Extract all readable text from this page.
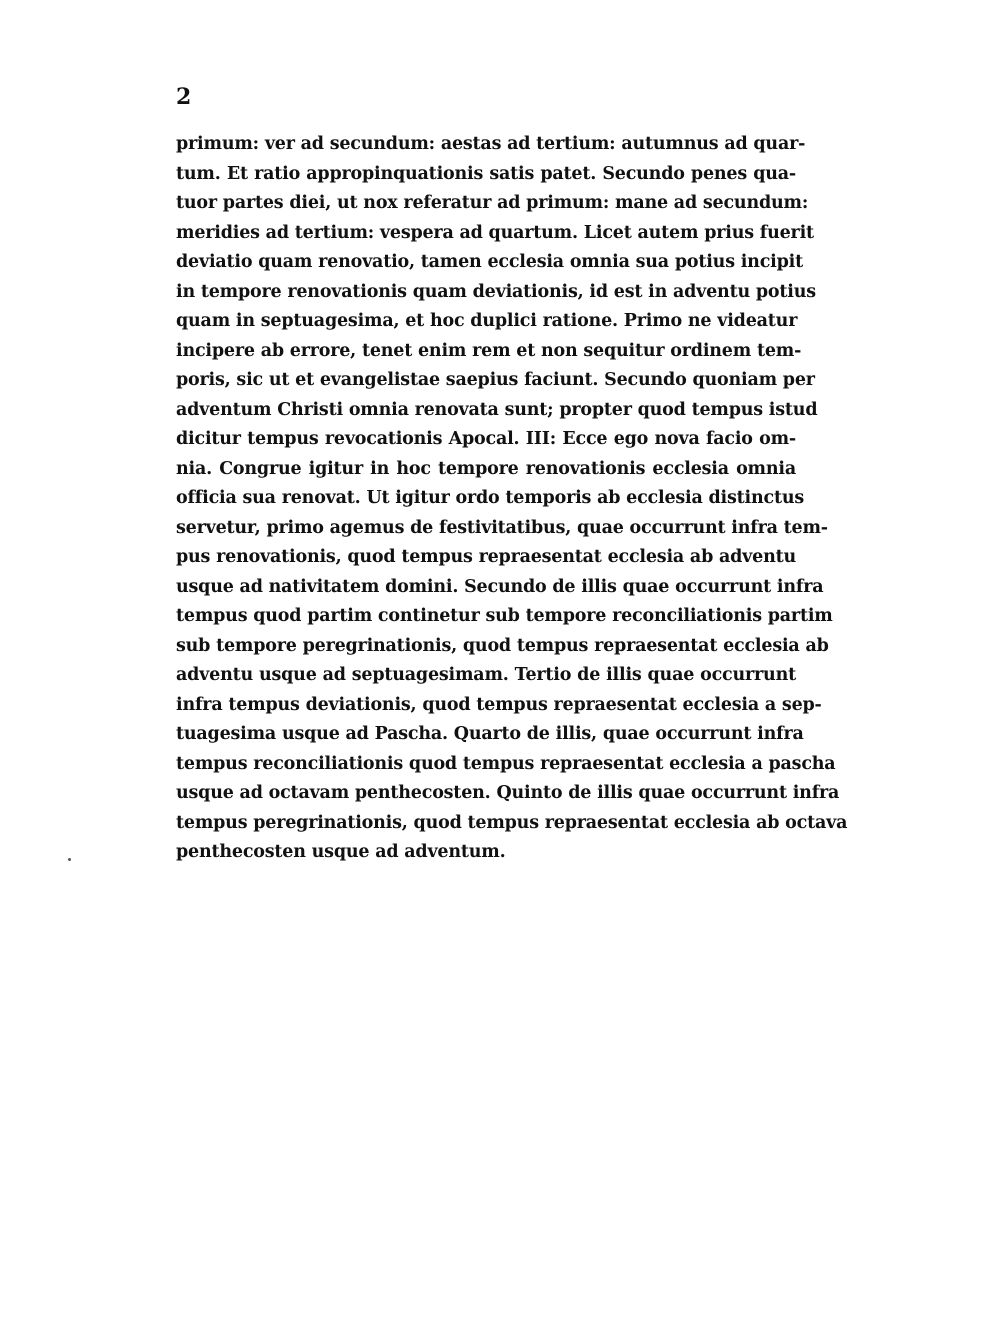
2
primum: ver ad secundum: aestas ad tertium: autumnus ad quar-
tum. Et ratio appropinquationis satis patet. Secundo penes qua-
tuor partes diei, ut nox referatur ad primum: mane ad secundum:
meridies ad tertium: vespera ad quartum. Licet autem prius fuerit
deviatio quam renovatio, tamen ecclesia omnia sua potius incipit
in tempore renovationis quam deviationis, id est in adventu potius
quam in septuagesima, et hoc duplici ratione. Primo ne videatur
incipere ab errore, tenet enim rem et non sequitur ordinem tem-
poris, sic ut et evangelistae saepius faciunt. Secundo quoniam per
adventum Christi omnia renovata sunt; propter quod tempus istud
dicitur tempus revocationis Apocal. III: Ecce ego nova facio om-
nia. Congrue igitur in hoc tempore renovationis ecclesia omnia
officia sua renovat. Ut igitur ordo temporis ab ecclesia distinctus
servetur, primo agemus de festivitatibus, quae occurrunt infra tem-
pus renovationis, quod tempus repraesentat ecclesia ab adventu
usque ad nativitatem domini. Secundo de illis quae occurrunt infra
tempus quod partim continetur sub tempore reconciliationis partim
sub tempore peregrinationis, quod tempus repraesentat ecclesia ab
adventu usque ad septuagesimam. Tertio de illis quae occurrunt
infra tempus deviationis, quod tempus repraesentat ecclesia a sep-
tuagesima usque ad Pascha. Quarto de illis, quae occurrunt infra
tempus reconciliationis quod tempus repraesentat ecclesia a pascha
usque ad octavam penthecosten. Quinto de illis quae occurrunt infra
tempus peregrinationis, quod tempus repraesentat ecclesia ab octava
penthecosten usque ad adventum.
